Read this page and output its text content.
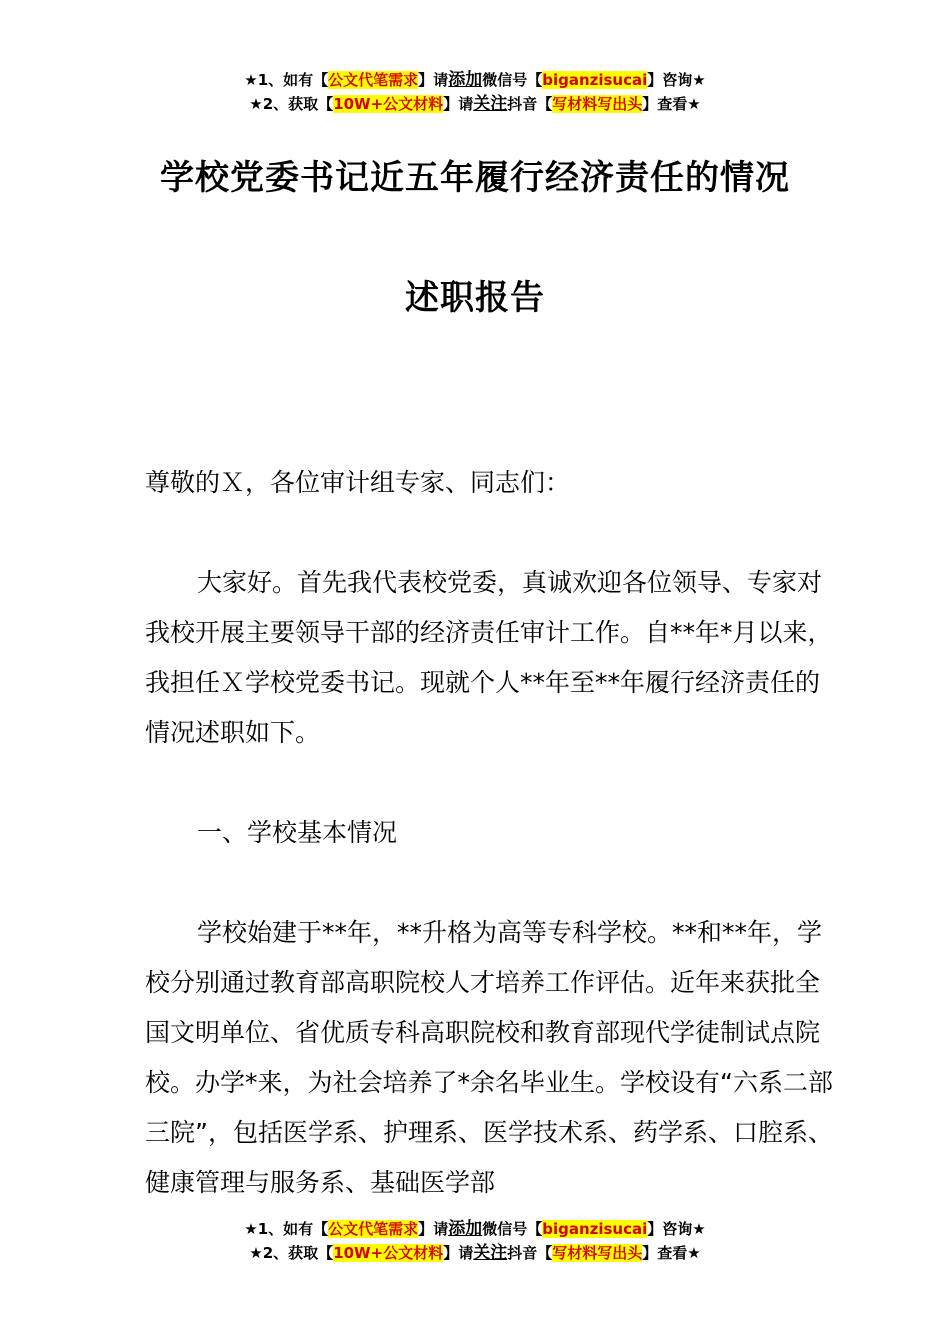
★1、如有【公文代笔需求】请添加微信号【biganzisucai】咨询★
★2、获取【10W+公文材料】请关注抖音【写材料写出头】查看★
学校党委书记近五年履行经济责任的情况
述职报告

尊敬的Ｘ，各位审计组专家、同志们：

大家好。首先我代表校党委，真诚欢迎各位领导、专家对我校开展主要领导干部的经济责任审计工作。自**年*月以来，我担任Ｘ学校党委书记。现就个人**年至**年履行经济责任的情况述职如下。

一、学校基本情况

学校始建于**年，**升格为高等专科学校。**和**年，学校分别通过教育部高职院校人才培养工作评估。近年来获批全国文明单位、省优质专科高职院校和教育部现代学徒制试点院校。办学*来，为社会培养了*余名毕业生。学校设有“六系二部三院”，包括医学系、护理系、医学技术系、药学系、口腔系、健康管理与服务系、基础医学部

★1、如有【公文代笔需求】请添加微信号【biganzisucai】咨询★
★2、获取【10W+公文材料】请关注抖音【写材料写出头】查看★
